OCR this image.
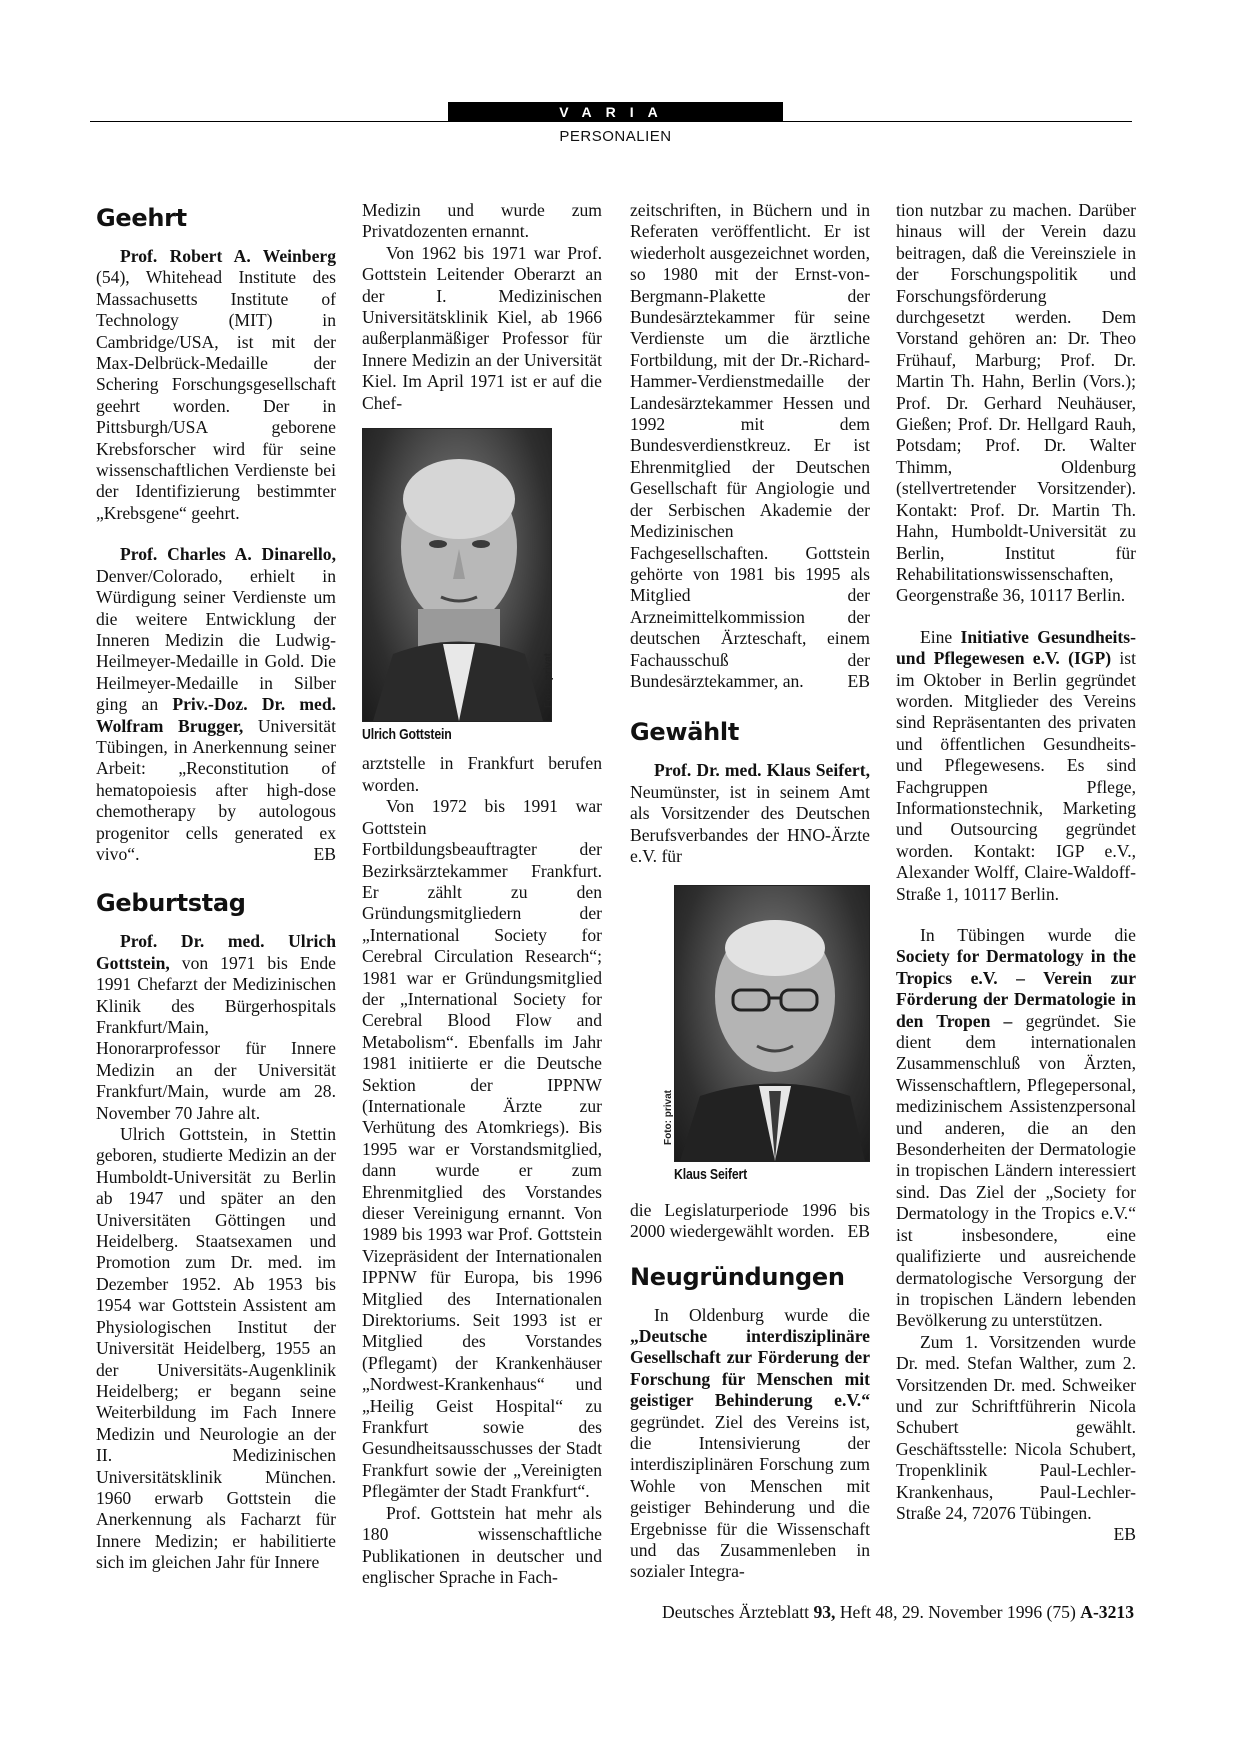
VARIA
PERSONALIEN
Geehrt

Prof. Robert A. Weinberg (54), Whitehead Institute des Massachusetts Institute of Technology (MIT) in Cambridge/USA, ist mit der Max-Delbrück-Medaille der Schering Forschungsgesellschaft geehrt worden. Der in Pittsburgh/USA geborene Krebsforscher wird für seine wissenschaftlichen Verdienste bei der Identifizierung bestimmter „Krebsgene“ geehrt.

Prof. Charles A. Dinarello, Denver/Colorado, erhielt in Würdigung seiner Verdienste um die weitere Entwicklung der Inneren Medizin die Ludwig-Heilmeyer-Medaille in Gold. Die Heilmeyer-Medaille in Silber ging an Priv.-Doz. Dr. med. Wolfram Brugger, Universität Tübingen, in Anerkennung seiner Arbeit: „Reconstitution of hematopoiesis after high-dose chemotherapy by autologous progenitor cells generated ex vivo“.	EB

Geburtstag

Prof. Dr. med. Ulrich Gottstein, von 1971 bis Ende 1991 Chefarzt der Medizinischen Klinik des Bürgerhospitals Frankfurt/Main, Honorarprofessor für Innere Medizin an der Universität Frankfurt/Main, wurde am 28. November 70 Jahre alt.

Ulrich Gottstein, in Stettin geboren, studierte Medizin an der Humboldt-Universität zu Berlin ab 1947 und später an den Universitäten Göttingen und Heidelberg. Staatsexamen und Promotion zum Dr. med. im Dezember 1952. Ab 1953 bis 1954 war Gottstein Assistent am Physiologischen Institut der Universität Heidelberg, 1955 an der Universitäts-Augenklinik Heidelberg; er begann seine Weiterbildung im Fach Innere Medizin und Neurologie an der II. Medizinischen Universitätsklinik München. 1960 erwarb Gottstein die Anerkennung als Facharzt für Innere Medizin; er habilitierte sich im gleichen Jahr für Innere

Medizin und wurde zum Privatdozenten ernannt.

Von 1962 bis 1971 war Prof. Gottstein Leitender Oberarzt an der I. Medizinischen Universitätsklinik Kiel, ab 1966 außerplanmäßiger Professor für Innere Medizin an der Universität Kiel. Im April 1971 ist er auf die Chef-

Foto: privat
Ulrich Gottstein

arztstelle in Frankfurt berufen worden.

Von 1972 bis 1991 war Gottstein Fortbildungsbeauftragter der Bezirksärztekammer Frankfurt. Er zählt zu den Gründungsmitgliedern der „International Society for Cerebral Circulation Research“; 1981 war er Gründungsmitglied der „International Society for Cerebral Blood Flow and Metabolism“. Ebenfalls im Jahr 1981 initiierte er die Deutsche Sektion der IPPNW (Internationale Ärzte zur Verhütung des Atomkriegs). Bis 1995 war er Vorstandsmitglied, dann wurde er zum Ehrenmitglied des Vorstandes dieser Vereinigung ernannt. Von 1989 bis 1993 war Prof. Gottstein Vizepräsident der Internationalen IPPNW für Europa, bis 1996 Mitglied des Internationalen Direktoriums. Seit 1993 ist er Mitglied des Vorstandes (Pflegamt) der Krankenhäuser „Nordwest-Krankenhaus“ und „Heilig Geist Hospital“ zu Frankfurt sowie des Gesundheitsausschusses der Stadt Frankfurt sowie der „Vereinigten Pflegämter der Stadt Frankfurt“.

Prof. Gottstein hat mehr als 180 wissenschaftliche Publikationen in deutscher und englischer Sprache in Fach-

zeitschriften, in Büchern und in Referaten veröffentlicht. Er ist wiederholt ausgezeichnet worden, so 1980 mit der Ernst-von-Bergmann-Plakette der Bundesärztekammer für seine Verdienste um die ärztliche Fortbildung, mit der Dr.-Richard-Hammer-Verdienstmedaille der Landesärztekammer Hessen und 1992 mit dem Bundesverdienstkreuz. Er ist Ehrenmitglied der Deutschen Gesellschaft für Angiologie und der Serbischen Akademie der Medizinischen Fachgesellschaften. Gottstein gehörte von 1981 bis 1995 als Mitglied der Arzneimittelkommission der deutschen Ärzteschaft, einem Fachausschuß der Bundesärztekammer, an. EB

Gewählt

Prof. Dr. med. Klaus Seifert, Neumünster, ist in seinem Amt als Vorsitzender des Deutschen Berufsverbandes der HNO-Ärzte e.V. für

Foto: privat
Klaus Seifert

die Legislaturperiode 1996 bis 2000 wiedergewählt worden. EB

Neugründungen

In Oldenburg wurde die „Deutsche interdisziplinäre Gesellschaft zur Förderung der Forschung für Menschen mit geistiger Behinderung e.V.“ gegründet. Ziel des Vereins ist, die Intensivierung der interdisziplinären Forschung zum Wohle von Menschen mit geistiger Behinderung und die Ergebnisse für die Wissenschaft und das Zusammenleben in sozialer Integra-

tion nutzbar zu machen. Darüber hinaus will der Verein dazu beitragen, daß die Vereinsziele in der Forschungspolitik und Forschungsförderung durchgesetzt werden. Dem Vorstand gehören an: Dr. Theo Frühauf, Marburg; Prof. Dr. Martin Th. Hahn, Berlin (Vors.); Prof. Dr. Gerhard Neuhäuser, Gießen; Prof. Dr. Hellgard Rauh, Potsdam; Prof. Dr. Walter Thimm, Oldenburg (stellvertretender Vorsitzender). Kontakt: Prof. Dr. Martin Th. Hahn, Humboldt-Universität zu Berlin, Institut für Rehabilitationswissenschaften, Georgenstraße 36, 10117 Berlin.

Eine Initiative Gesundheits- und Pflegewesen e.V. (IGP) ist im Oktober in Berlin gegründet worden. Mitglieder des Vereins sind Repräsentanten des privaten und öffentlichen Gesundheits- und Pflegewesens. Es sind Fachgruppen Pflege, Informationstechnik, Marketing und Outsourcing gegründet worden. Kontakt: IGP e.V., Alexander Wolff, Claire-Waldoff-Straße 1, 10117 Berlin.

In Tübingen wurde die Society for Dermatology in the Tropics e.V. – Verein zur Förderung der Dermatologie in den Tropen – gegründet. Sie dient dem internationalen Zusammenschluß von Ärzten, Wissenschaftlern, Pflegepersonal, medizinischem Assistenzpersonal und anderen, die an den Besonderheiten der Dermatologie in tropischen Ländern interessiert sind. Das Ziel der „Society for Dermatology in the Tropics e.V.“ ist insbesondere, eine qualifizierte und ausreichende dermatologische Versorgung der in tropischen Ländern lebenden Bevölkerung zu unterstützen.

Zum 1. Vorsitzenden wurde Dr. med. Stefan Walther, zum 2. Vorsitzenden Dr. med. Schweiker und zur Schriftführerin Nicola Schubert gewählt. Geschäftsstelle: Nicola Schubert, Tropenklinik Paul-Lechler-Krankenhaus, Paul-Lechler-Straße 24, 72076 Tübingen.
EB

Deutsches Ärzteblatt 93, Heft 48, 29. November 1996 (75) A-3213
